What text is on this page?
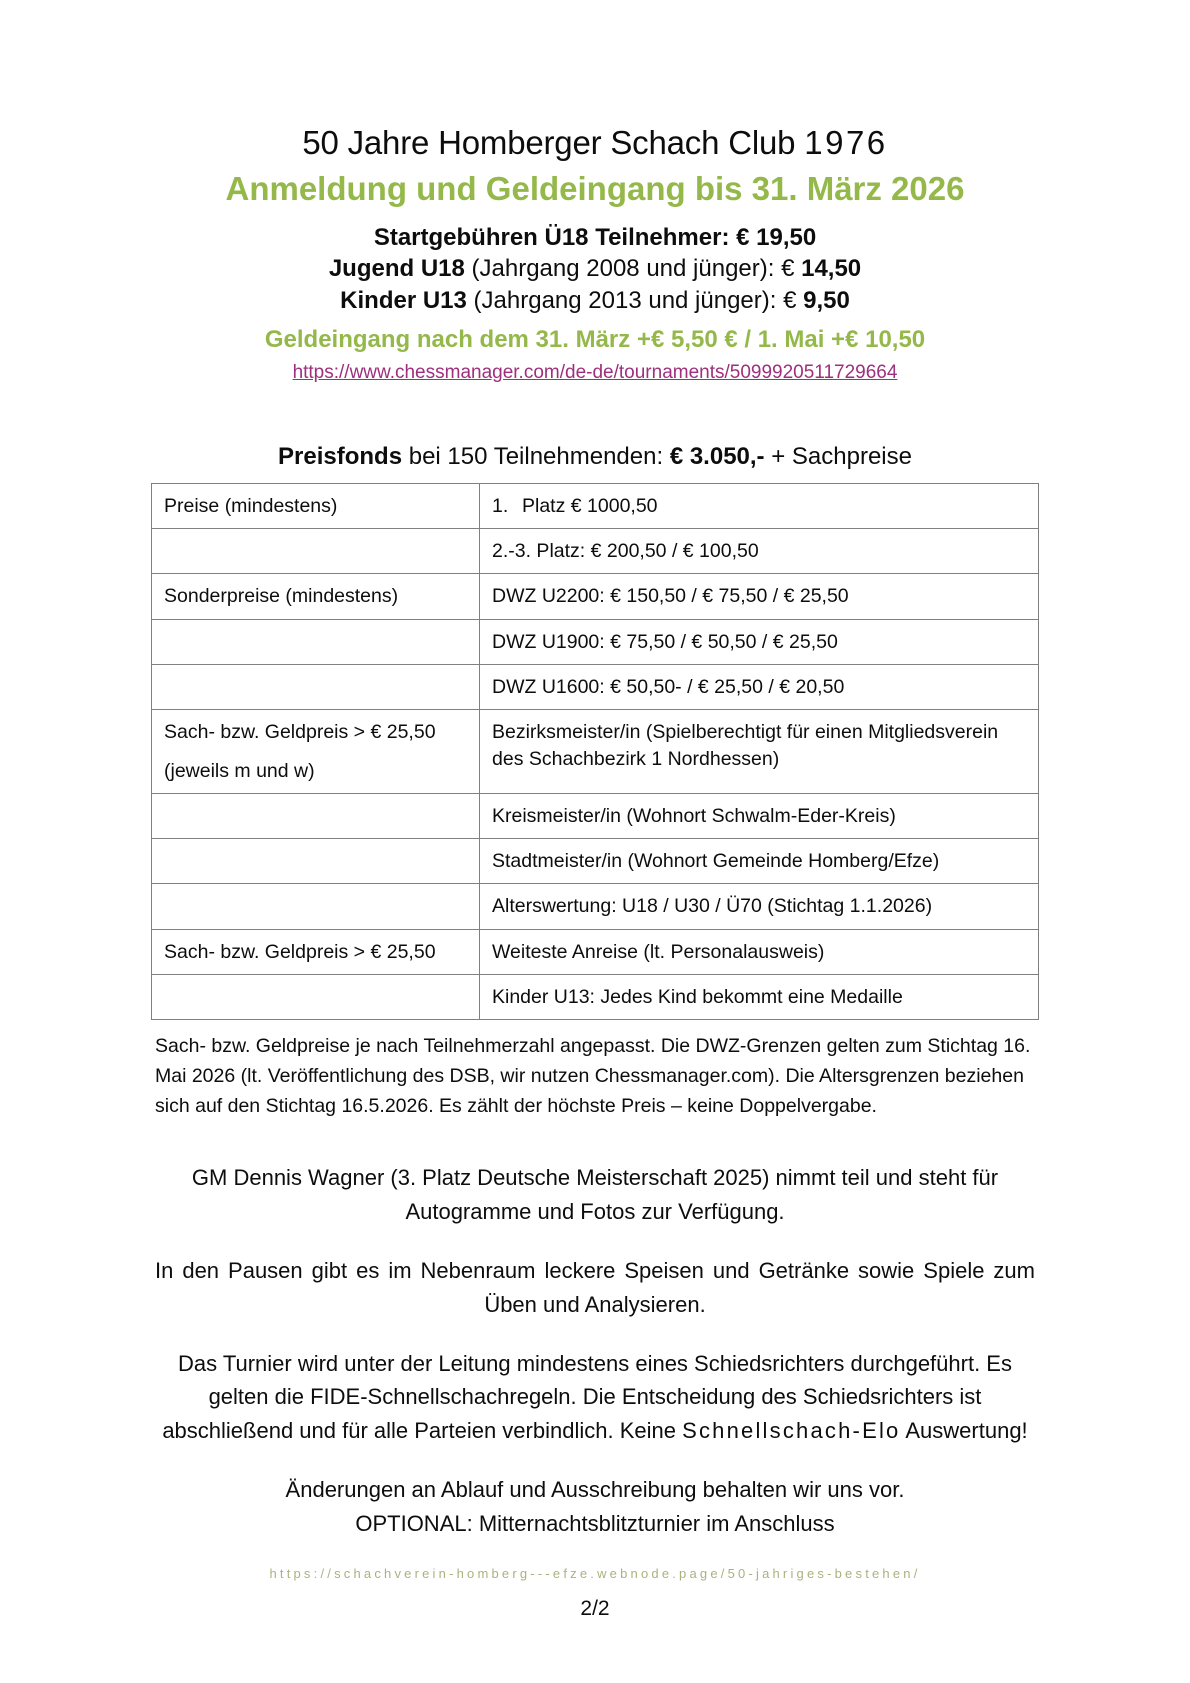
50 Jahre Homberger Schach Club 1976
Anmeldung und Geldeingang bis 31. März 2026

Startgebühren Ü18 Teilnehmer: € 19,50

Jugend U18 (Jahrgang 2008 und jünger): € 14,50

Kinder U13 (Jahrgang 2013 und jünger): € 9,50

Geldeingang nach dem 31. März +€ 5,50 € / 1. Mai +€ 10,50

https://www.chessmanager.com/de-de/tournaments/5099920511729664

Preisfonds bei 150 Teilnehmenden: € 3.050,- + Sachpreise

Preise (mindestens)	1. Platz € 1000,50
	2.-3. Platz: € 200,50 / € 100,50
Sonderpreise (mindestens)	DWZ U2200: € 150,50 / € 75,50 / € 25,50
	DWZ U1900: € 75,50 / € 50,50 / € 25,50
	DWZ U1600: € 50,50- / € 25,50 / € 20,50

Sach- bzw. Geldpreis > € 25,50
(jeweils m und w)	Bezirksmeister/in (Spielberechtigt für einen Mitgliedsverein des Schachbezirk 1 Nordhessen)
	Kreismeister/in (Wohnort Schwalm-Eder-Kreis)
	Stadtmeister/in (Wohnort Gemeinde Homberg/Efze)
	Alterswertung: U18 / U30 / Ü70 (Stichtag 1.1.2026)
Sach- bzw. Geldpreis > € 25,50	Weiteste Anreise (lt. Personalausweis)
	Kinder U13: Jedes Kind bekommt eine Medaille

Sach- bzw. Geldpreise je nach Teilnehmerzahl angepasst. Die DWZ-Grenzen gelten zum Stichtag 16. Mai 2026 (lt. Veröffentlichung des DSB, wir nutzen Chessmanager.com). Die Altersgrenzen beziehen sich auf den Stichtag 16.5.2026. Es zählt der höchste Preis – keine Doppelvergabe.

GM Dennis Wagner (3. Platz Deutsche Meisterschaft 2025) nimmt teil und steht für Autogramme und Fotos zur Verfügung.

In den Pausen gibt es im Nebenraum leckere Speisen und Getränke sowie Spiele zum Üben und Analysieren.

Das Turnier wird unter der Leitung mindestens eines Schiedsrichters durchgeführt. Es gelten die FIDE-Schnellschachregeln. Die Entscheidung des Schiedsrichters ist abschließend und für alle Parteien verbindlich. Keine Schnellschach-Elo Auswertung!

Änderungen an Ablauf und Ausschreibung behalten wir uns vor.

OPTIONAL: Mitternachtsblitzturnier im Anschluss

https://schachverein-homberg---efze.webnode.page/50-jahriges-bestehen/

2/2
